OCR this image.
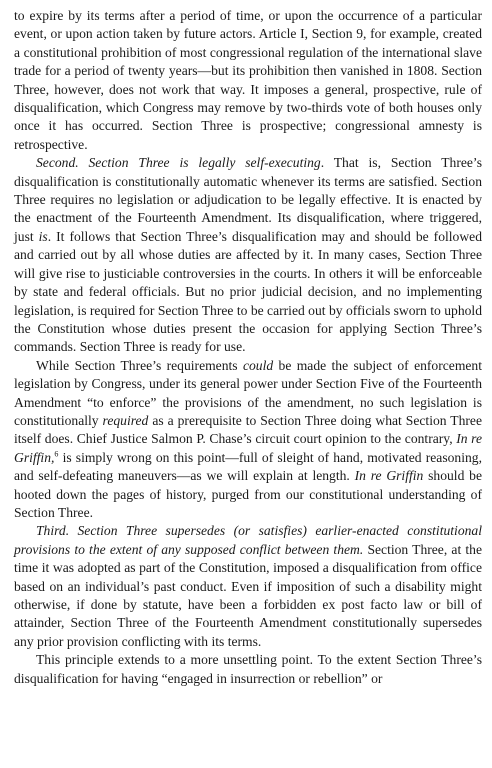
to expire by its terms after a period of time, or upon the occurrence of a particular event, or upon action taken by future actors. Article I, Section 9, for example, created a constitutional prohibition of most congressional regulation of the international slave trade for a period of twenty years—but its prohibition then vanished in 1808. Section Three, however, does not work that way. It imposes a general, prospective, rule of disqualification, which Congress may remove by two-thirds vote of both houses only once it has occurred. Section Three is prospective; congressional amnesty is retrospective.

Second. Section Three is legally self-executing. That is, Section Three’s disqualification is constitutionally automatic whenever its terms are satisfied. Section Three requires no legislation or adjudication to be legally effective. It is enacted by the enactment of the Fourteenth Amendment. Its disqualification, where triggered, just is. It follows that Section Three’s disqualification may and should be followed and carried out by all whose duties are affected by it. In many cases, Section Three will give rise to justiciable controversies in the courts. In others it will be enforceable by state and federal officials. But no prior judicial decision, and no implementing legislation, is required for Section Three to be carried out by officials sworn to uphold the Constitution whose duties present the occasion for applying Section Three’s commands. Section Three is ready for use.

While Section Three’s requirements could be made the subject of enforcement legislation by Congress, under its general power under Section Five of the Fourteenth Amendment “to enforce” the provisions of the amendment, no such legislation is constitutionally required as a prerequisite to Section Three doing what Section Three itself does. Chief Justice Salmon P. Chase’s circuit court opinion to the contrary, In re Griffin,$^6$ is simply wrong on this point—full of sleight of hand, motivated reasoning, and self-defeating maneuvers—as we will explain at length. In re Griffin should be hooted down the pages of history, purged from our constitutional understanding of Section Three.

Third. Section Three supersedes (or satisfies) earlier-enacted constitutional provisions to the extent of any supposed conflict between them. Section Three, at the time it was adopted as part of the Constitution, imposed a disqualification from office based on an individual’s past conduct. Even if imposition of such a disability might otherwise, if done by statute, have been a forbidden ex post facto law or bill of attainder, Section Three of the Fourteenth Amendment constitutionally supersedes any prior provision conflicting with its terms.

This principle extends to a more unsettling point. To the extent Section Three’s disqualification for having “engaged in insurrection or rebellion” or
